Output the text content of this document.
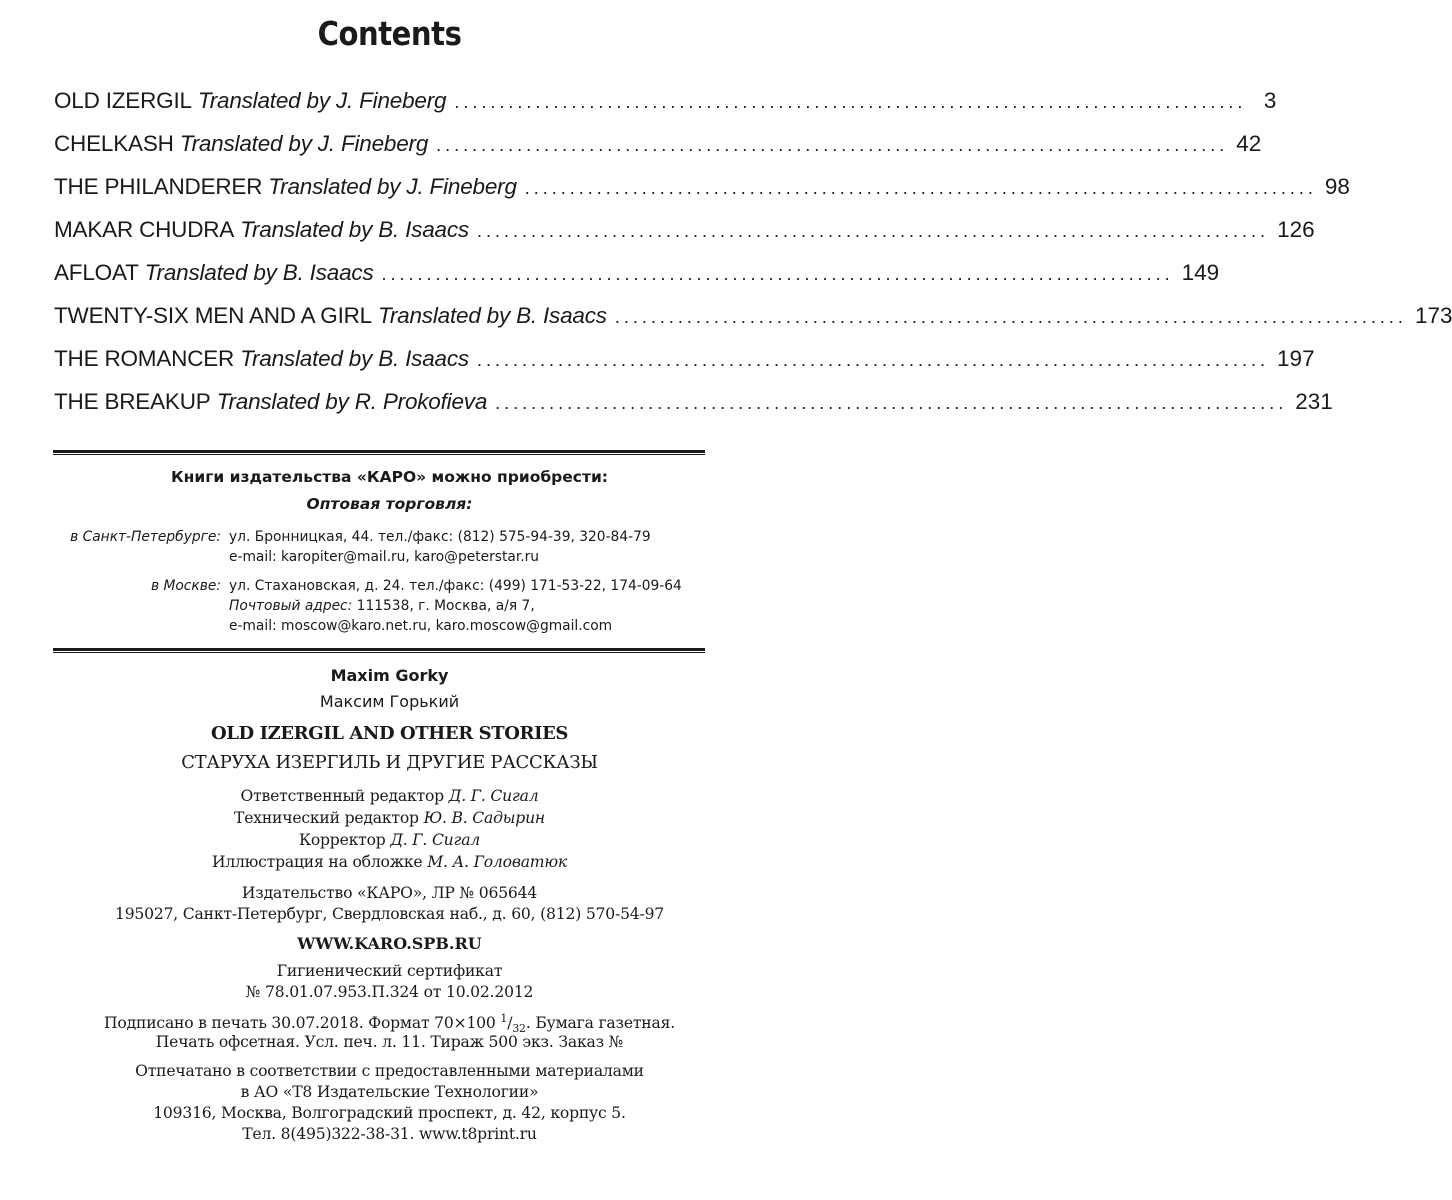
Contents
OLD IZERGIL Translated by J. Fineberg ........................................................................................ 3
CHELKASH Translated by J. Fineberg ........................................................................................ 42
THE PHILANDERER Translated by J. Fineberg ........................................................................................ 98
MAKAR CHUDRA Translated by B. Isaacs ........................................................................................ 126
AFLOAT Translated by B. Isaacs ........................................................................................ 149
TWENTY-SIX MEN AND A GIRL Translated by B. Isaacs ........................................................................................ 173
THE ROMANCER Translated by B. Isaacs ........................................................................................ 197
THE BREAKUP Translated by R. Prokofieva ........................................................................................ 231
Книги издательства «КАРО» можно приобрести:
Оптовая торговля:
в Санкт-Петербурге: ул. Бронницкая, 44. тел./факс: (812) 575-94-39, 320-84-79
e-mail: karopiter@mail.ru, karo@peterstar.ru
в Москве: ул. Стахановская, д. 24. тел./факс: (499) 171-53-22, 174-09-64
Почтовый адрес: 111538, г. Москва, а/я 7,
e-mail: moscow@karo.net.ru, karo.moscow@gmail.com
Maxim Gorky
Максим Горький
OLD IZERGIL AND OTHER STORIES
СТАРУХА ИЗЕРГИЛЬ И ДРУГИЕ РАССКАЗЫ
Ответственный редактор Д. Г. Сигал
Технический редактор Ю. В. Садырин
Корректор Д. Г. Сигал
Иллюстрация на обложке М. А. Головатюк
Издательство «КАРО», ЛР № 065644
195027, Санкт-Петербург, Свердловская наб., д. 60, (812) 570-54-97
WWW.KARO.SPB.RU
Гигиенический сертификат
№ 78.01.07.953.П.324 от 10.02.2012
Подписано в печать 30.07.2018. Формат 70×100 $^1/_{32}$. Бумага газетная.
Печать офсетная. Усл. печ. л. 11. Тираж 500 экз. Заказ №
Отпечатано в соответствии с предоставленными материалами
в АО «Т8 Издательские Технологии»
109316, Москва, Волгоградский проспект, д. 42, корпус 5.
Тел. 8(495)322-38-31. www.t8print.ru
